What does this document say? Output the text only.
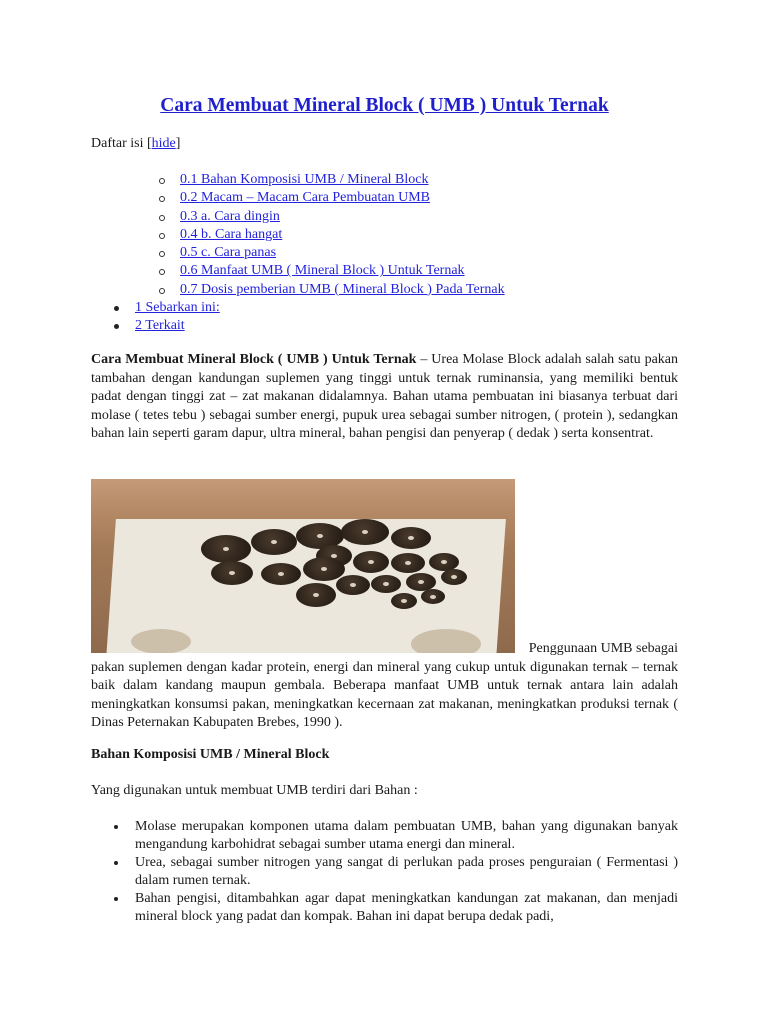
Cara Membuat Mineral Block ( UMB ) Untuk Ternak
Daftar isi [hide]
0.1 Bahan Komposisi UMB / Mineral Block
0.2 Macam – Macam Cara Pembuatan UMB
0.3 a. Cara dingin
0.4 b. Cara hangat
0.5 c. Cara panas
0.6 Manfaat UMB ( Mineral Block ) Untuk Ternak
0.7 Dosis pemberian UMB ( Mineral Block ) Pada Ternak
1 Sebarkan ini:
2 Terkait

Cara Membuat Mineral Block ( UMB ) Untuk Ternak – Urea Molase Block adalah salah satu pakan tambahan dengan kandungan suplemen yang tinggi untuk ternak ruminansia, yang memiliki bentuk padat dengan tinggi zat – zat makanan didalamnya. Bahan utama pembuatan ini biasanya terbuat dari molase ( tetes tebu ) sebagai sumber energi, pupuk urea sebagai sumber nitrogen, ( protein ), sedangkan bahan lain seperti garam dapur, ultra mineral, bahan pengisi dan penyerap ( dedak ) serta konsentrat.

Penggunaan UMB sebagai
pakan suplemen dengan kadar protein, energi dan mineral yang cukup untuk digunakan ternak – ternak baik dalam kandang maupun gembala. Beberapa manfaat UMB untuk ternak antara lain adalah meningkatkan konsumsi pakan, meningkatkan kecernaan zat makanan, meningkatkan produksi ternak ( Dinas Peternakan Kabupaten Brebes, 1990 ).

Bahan Komposisi UMB / Mineral Block

Yang digunakan untuk membuat UMB terdiri dari Bahan :

Molase merupakan komponen utama dalam pembuatan UMB, bahan yang digunakan banyak mengandung karbohidrat sebagai sumber utama energi dan mineral.
Urea, sebagai sumber nitrogen yang sangat di perlukan pada proses penguraian ( Fermentasi ) dalam rumen ternak.
Bahan pengisi, ditambahkan agar dapat meningkatkan kandungan zat makanan, dan menjadi mineral block yang padat dan kompak. Bahan ini dapat berupa dedak padi,
